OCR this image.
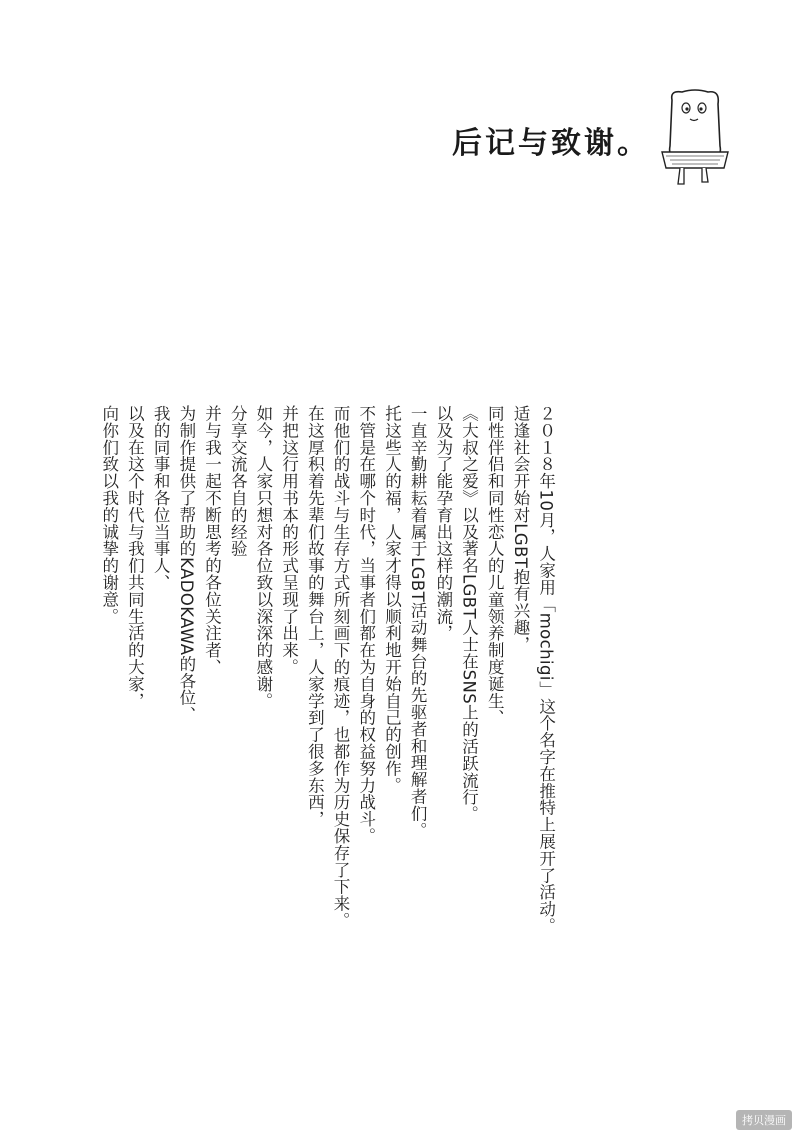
后记与致谢。
２０１８年10月，人家用「mochigi」这个名字在推特上展开了活动。
适逢社会开始对LGBT抱有兴趣，
同性伴侣和同性恋人的儿童领养制度诞生、
《大叔之爱》以及著名LGBT人士在SNS上的活跃流行。
以及为了能孕育出这样的潮流，
一直辛勤耕耘着属于LGBT活动舞台的先驱者和理解者们。
托这些人的福，人家才得以顺利地开始自己的创作。
不管是在哪个时代，当事者们都在为自身的权益努力战斗。
而他们的战斗与生存方式所刻画下的痕迹，也都作为历史保存了下来。
在这厚积着先辈们故事的舞台上，人家学到了很多东西，
并把这行用书本的形式呈现了出来。
如今，人家只想对各位致以深深的感谢。
分享交流各自的经验
并与我一起不断思考的各位关注者、
为制作提供了帮助的KADOKAWA的各位、
我的同事和各位当事人、
以及在这个时代与我们共同生活的大家，
向你们致以我的诚挚的谢意。
拷贝漫画
